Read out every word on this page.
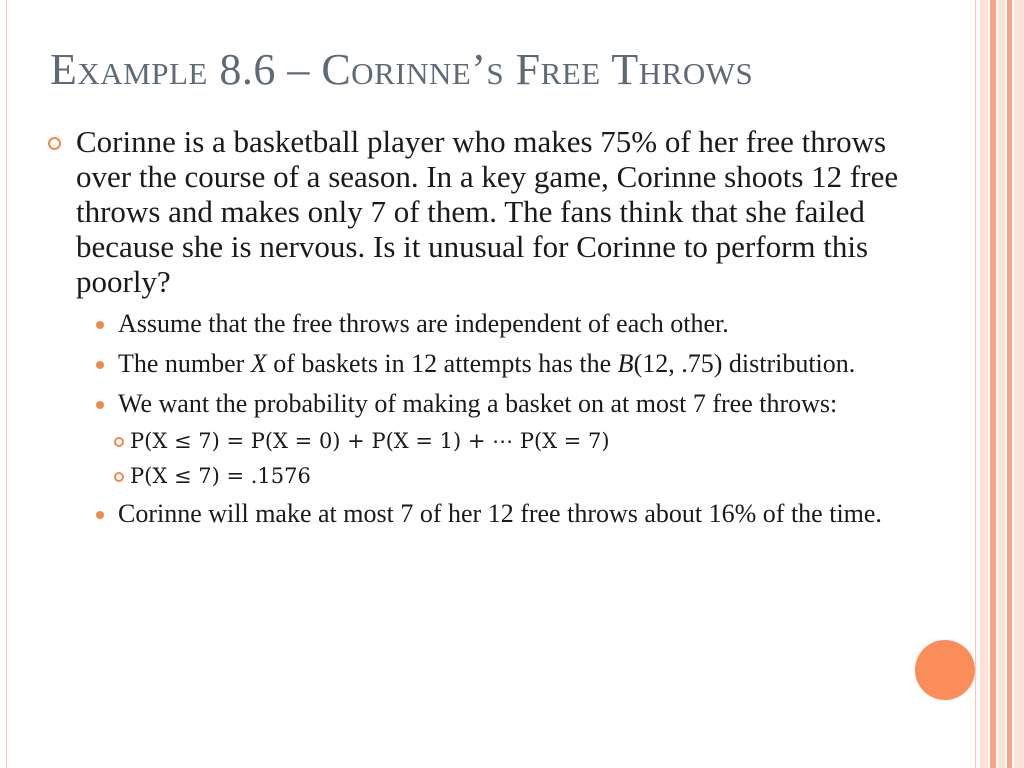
Example 8.6 – Corinne’s Free Throws
Corinne is a basketball player who makes 75% of her free throws over the course of a season. In a key game, Corinne shoots 12 free throws and makes only 7 of them. The fans think that she failed because she is nervous. Is it unusual for Corinne to perform this poorly?
Assume that the free throws are independent of each other.
The number X of baskets in 12 attempts has the B(12, .75) distribution.
We want the probability of making a basket on at most 7 free throws:
P(X ≤ 7) = P(X = 0) + P(X = 1) + ⋯ P(X = 7)
P(X ≤ 7) = .1576
Corinne will make at most 7 of her 12 free throws about 16% of the time.
